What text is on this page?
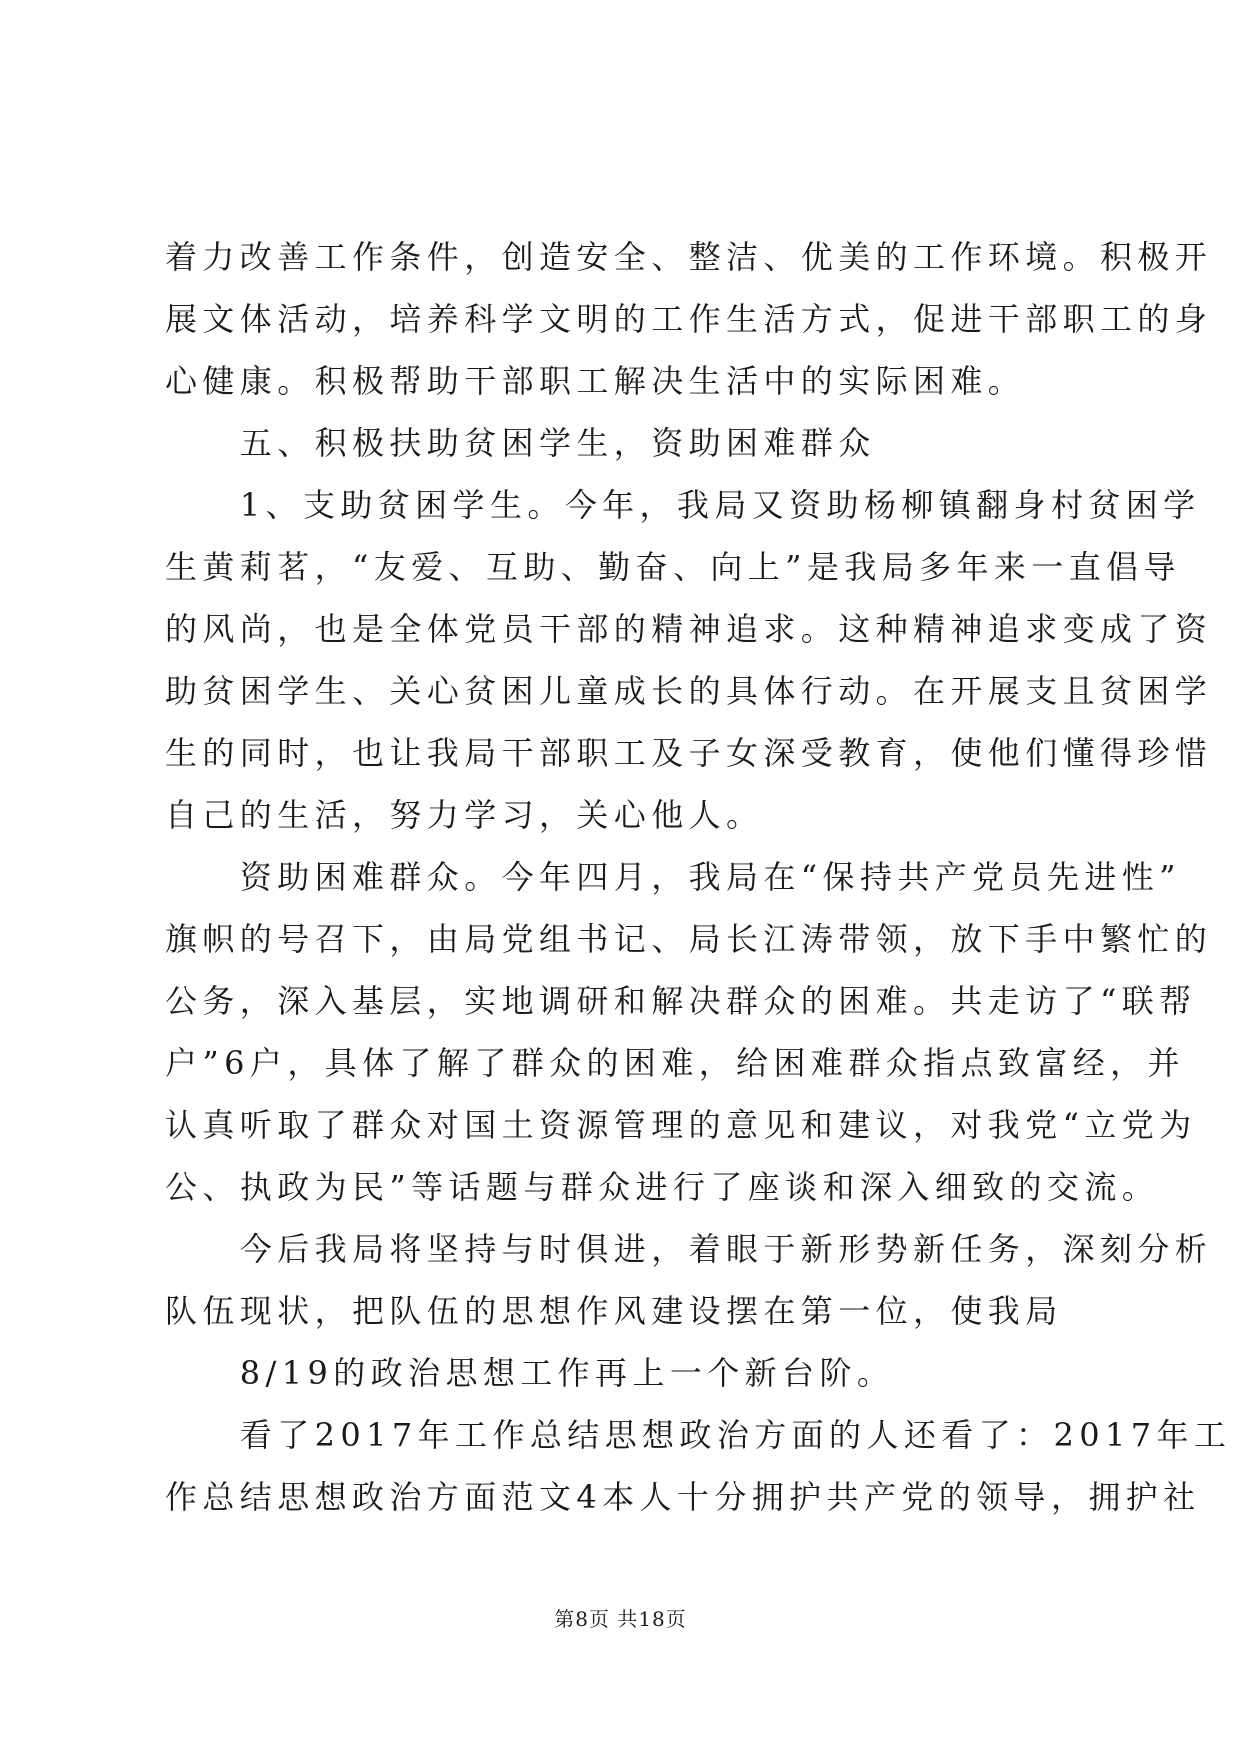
着力改善工作条件，创造安全、整洁、优美的工作环境。积极开
展文体活动，培养科学文明的工作生活方式，促进干部职工的身
心健康。积极帮助干部职工解决生活中的实际困难。
　　五、积极扶助贫困学生，资助困难群众
　　1、支助贫困学生。今年，我局又资助杨柳镇翻身村贫困学
生黄莉茗，“友爱、互助、勤奋、向上”是我局多年来一直倡导
的风尚，也是全体党员干部的精神追求。这种精神追求变成了资
助贫困学生、关心贫困儿童成长的具体行动。在开展支且贫困学
生的同时，也让我局干部职工及子女深受教育，使他们懂得珍惜
自己的生活，努力学习，关心他人。
　　资助困难群众。今年四月，我局在“保持共产党员先进性”
旗帜的号召下，由局党组书记、局长江涛带领，放下手中繁忙的
公务，深入基层，实地调研和解决群众的困难。共走访了“联帮
户”6户，具体了解了群众的困难，给困难群众指点致富经，并
认真听取了群众对国土资源管理的意见和建议，对我党“立党为
公、执政为民”等话题与群众进行了座谈和深入细致的交流。
　　今后我局将坚持与时俱进，着眼于新形势新任务，深刻分析
队伍现状，把队伍的思想作风建设摆在第一位，使我局
　　8/19的政治思想工作再上一个新台阶。
　　看了2017年工作总结思想政治方面的人还看了：2017年工
作总结思想政治方面范文4本人十分拥护共产党的领导，拥护社
第8页 共18页
